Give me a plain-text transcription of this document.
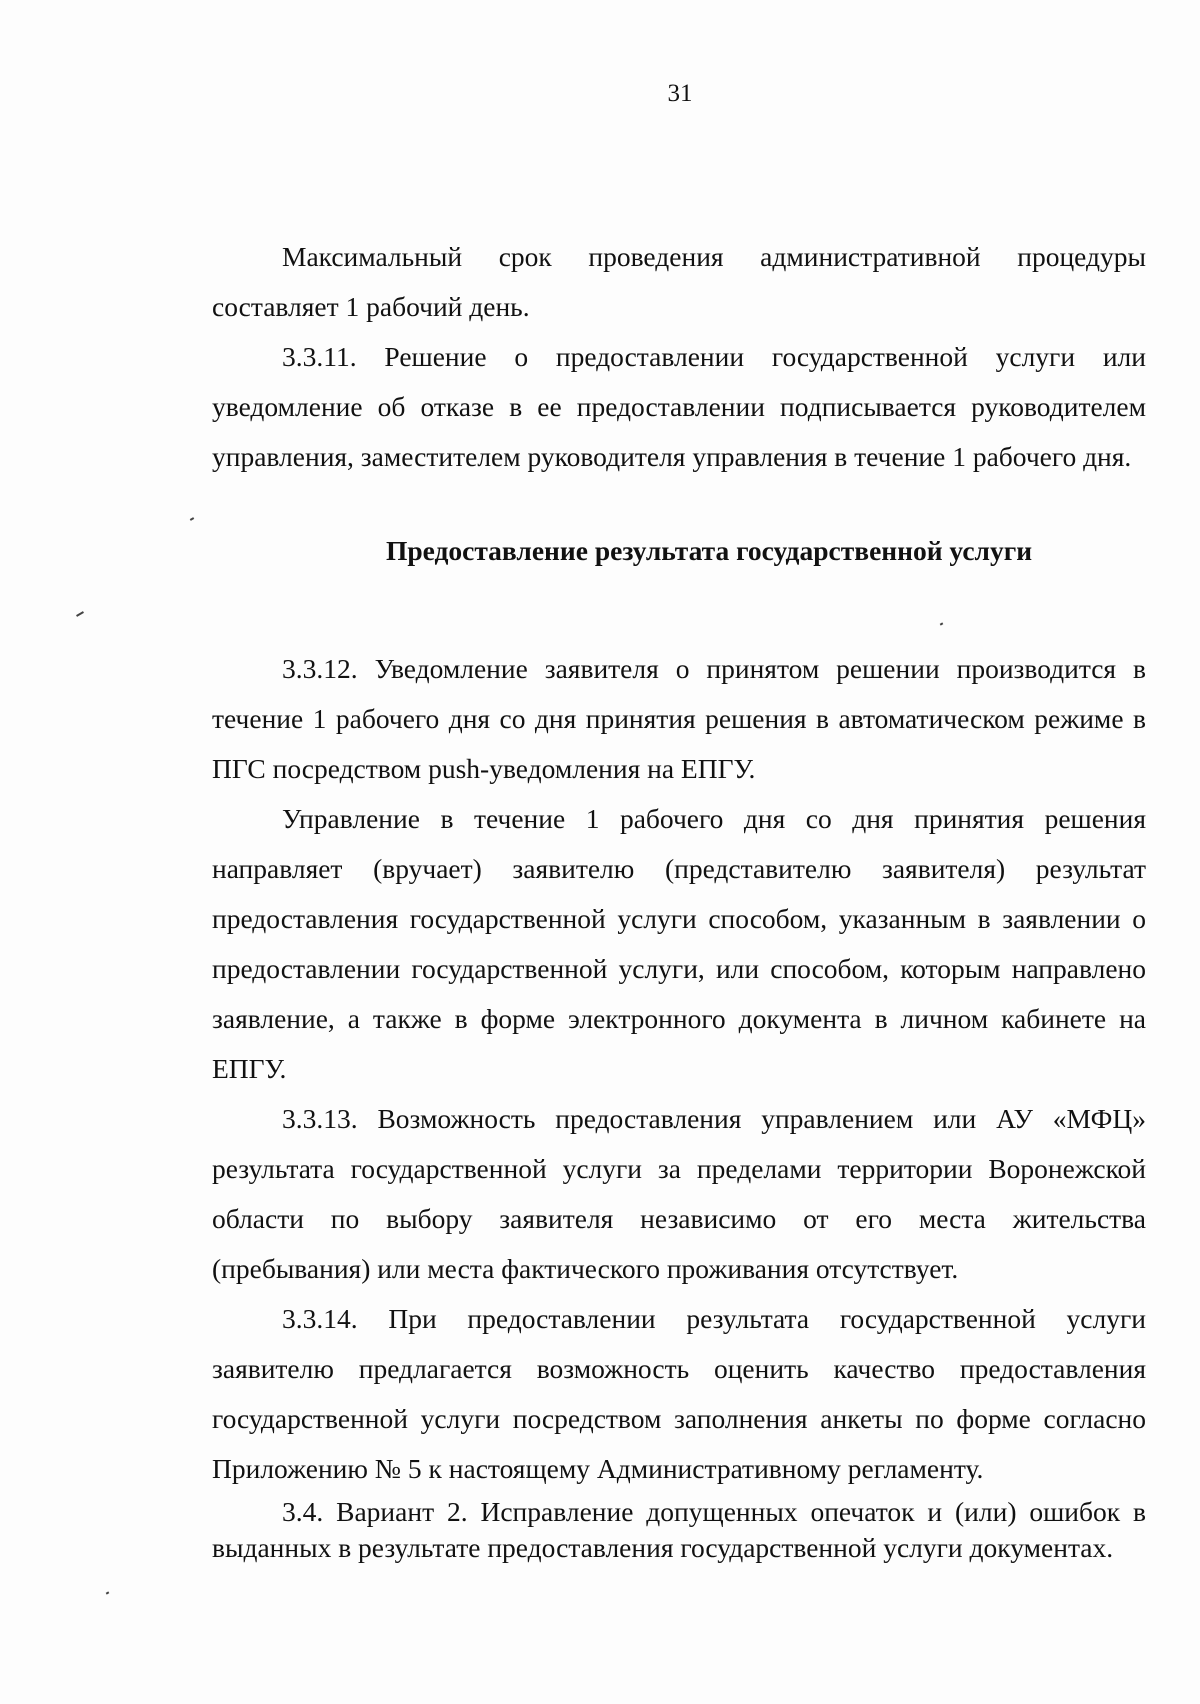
31

Максимальный срок проведения административной процедуры составляет 1 рабочий день.

3.3.11. Решение о предоставлении государственной услуги или уведомление об отказе в ее предоставлении подписывается руководителем управления, заместителем руководителя управления в течение 1 рабочего дня.

Предоставление результата государственной услуги

3.3.12. Уведомление заявителя о принятом решении производится в течение 1 рабочего дня со дня принятия решения в автоматическом режиме в ПГС посредством push-уведомления на ЕПГУ.

Управление в течение 1 рабочего дня со дня принятия решения направляет (вручает) заявителю (представителю заявителя) результат предоставления государственной услуги способом, указанным в заявлении о предоставлении государственной услуги, или способом, которым направлено заявление, а также в форме электронного документа в личном кабинете на ЕПГУ.

3.3.13. Возможность предоставления управлением или АУ «МФЦ» результата государственной услуги за пределами территории Воронежской области по выбору заявителя независимо от его места жительства (пребывания) или места фактического проживания отсутствует.

3.3.14. При предоставлении результата государственной услуги заявителю предлагается возможность оценить качество предоставления государственной услуги посредством заполнения анкеты по форме согласно Приложению № 5 к настоящему Административному регламенту.

3.4. Вариант 2. Исправление допущенных опечаток и (или) ошибок в выданных в результате предоставления государственной услуги документах.
